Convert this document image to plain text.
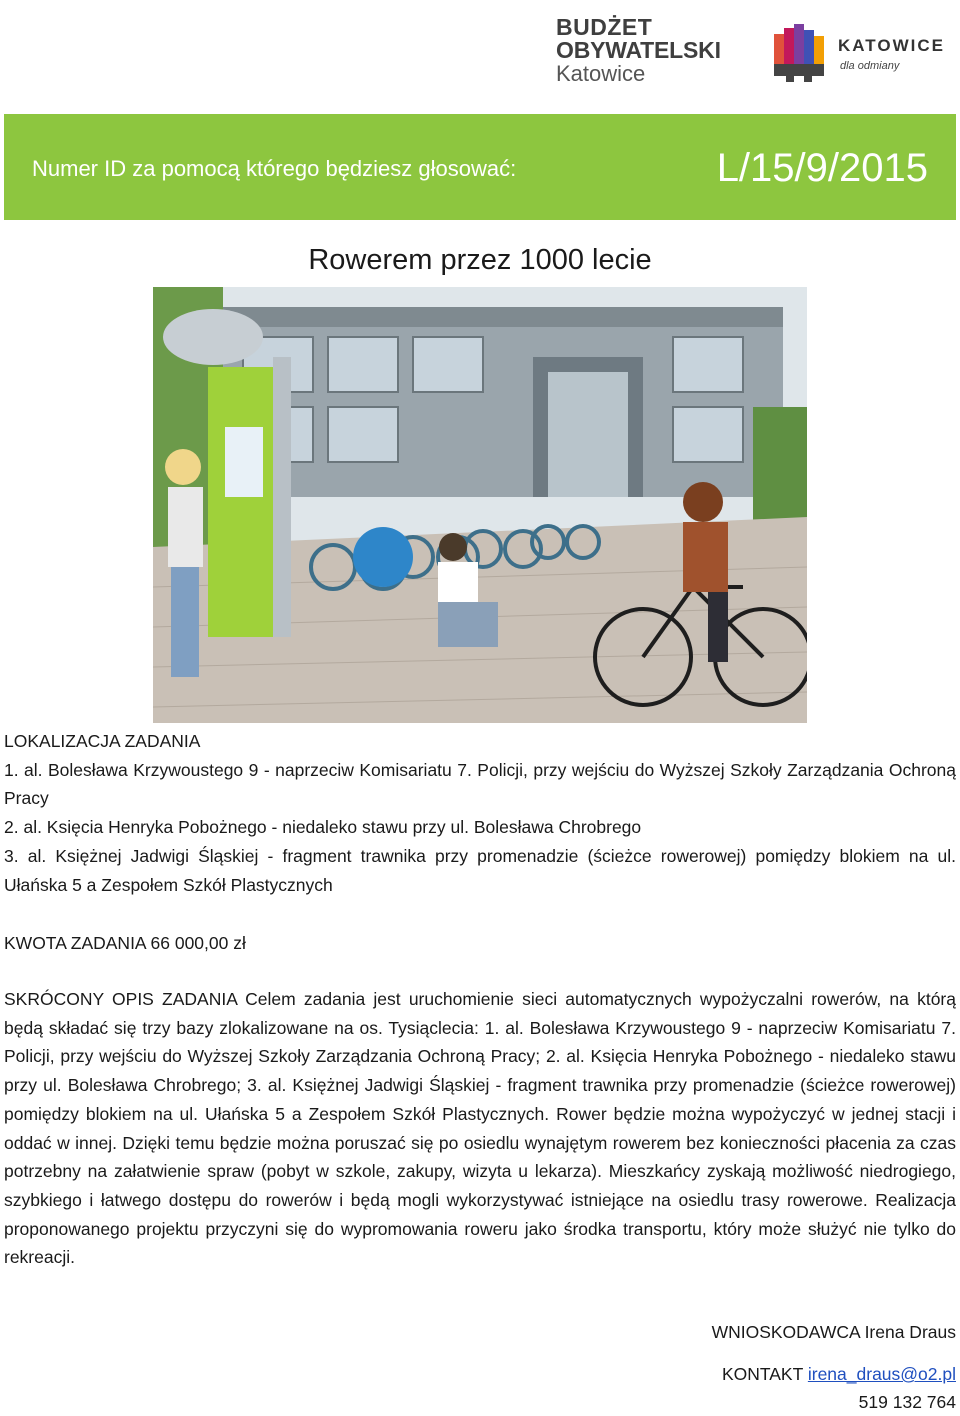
BUDŻET
OBYWATELSKI
Katowice
KATOWICE
dla odmiany
Numer ID za pomocą którego będziesz głosować:	L/15/9/2015
Rowerem przez 1000 lecie
LOKALIZACJA ZADANIA
1. al. Bolesława Krzywoustego 9 - naprzeciw Komisariatu 7. Policji, przy wejściu do Wyższej Szkoły Zarządzania Ochroną Pracy
2. al. Księcia Henryka Pobożnego - niedaleko stawu przy ul. Bolesława Chrobrego
3. al. Księżnej Jadwigi Śląskiej - fragment trawnika przy promenadzie (ścieżce rowerowej) pomiędzy blokiem na ul. Ułańska 5 a Zespołem Szkół Plastycznych
KWOTA ZADANIA 66 000,00 zł
SKRÓCONY OPIS ZADANIA Celem zadania jest uruchomienie sieci automatycznych wypożyczalni rowerów, na którą będą składać się trzy bazy zlokalizowane na os. Tysiąclecia: 1. al. Bolesława Krzywoustego 9 - naprzeciw Komisariatu 7. Policji, przy wejściu do Wyższej Szkoły Zarządzania Ochroną Pracy; 2. al. Księcia Henryka Pobożnego - niedaleko stawu przy ul. Bolesława Chrobrego; 3. al. Księżnej Jadwigi Śląskiej - fragment trawnika przy promenadzie (ścieżce rowerowej) pomiędzy blokiem na ul. Ułańska 5 a Zespołem Szkół Plastycznych. Rower będzie można wypożyczyć w jednej stacji i oddać w innej. Dzięki temu będzie można poruszać się po osiedlu wynajętym rowerem bez konieczności płacenia za czas potrzebny na załatwienie spraw (pobyt w szkole, zakupy, wizyta u lekarza). Mieszkańcy zyskają możliwość niedrogiego, szybkiego i łatwego dostępu do rowerów i będą mogli wykorzystywać istniejące na osiedlu trasy rowerowe. Realizacja proponowanego projektu przyczyni się do wypromowania roweru jako środka transportu, który może służyć nie tylko do rekreacji.
WNIOSKODAWCA Irena Draus
KONTAKT irena_draus@o2.pl
519 132 764
